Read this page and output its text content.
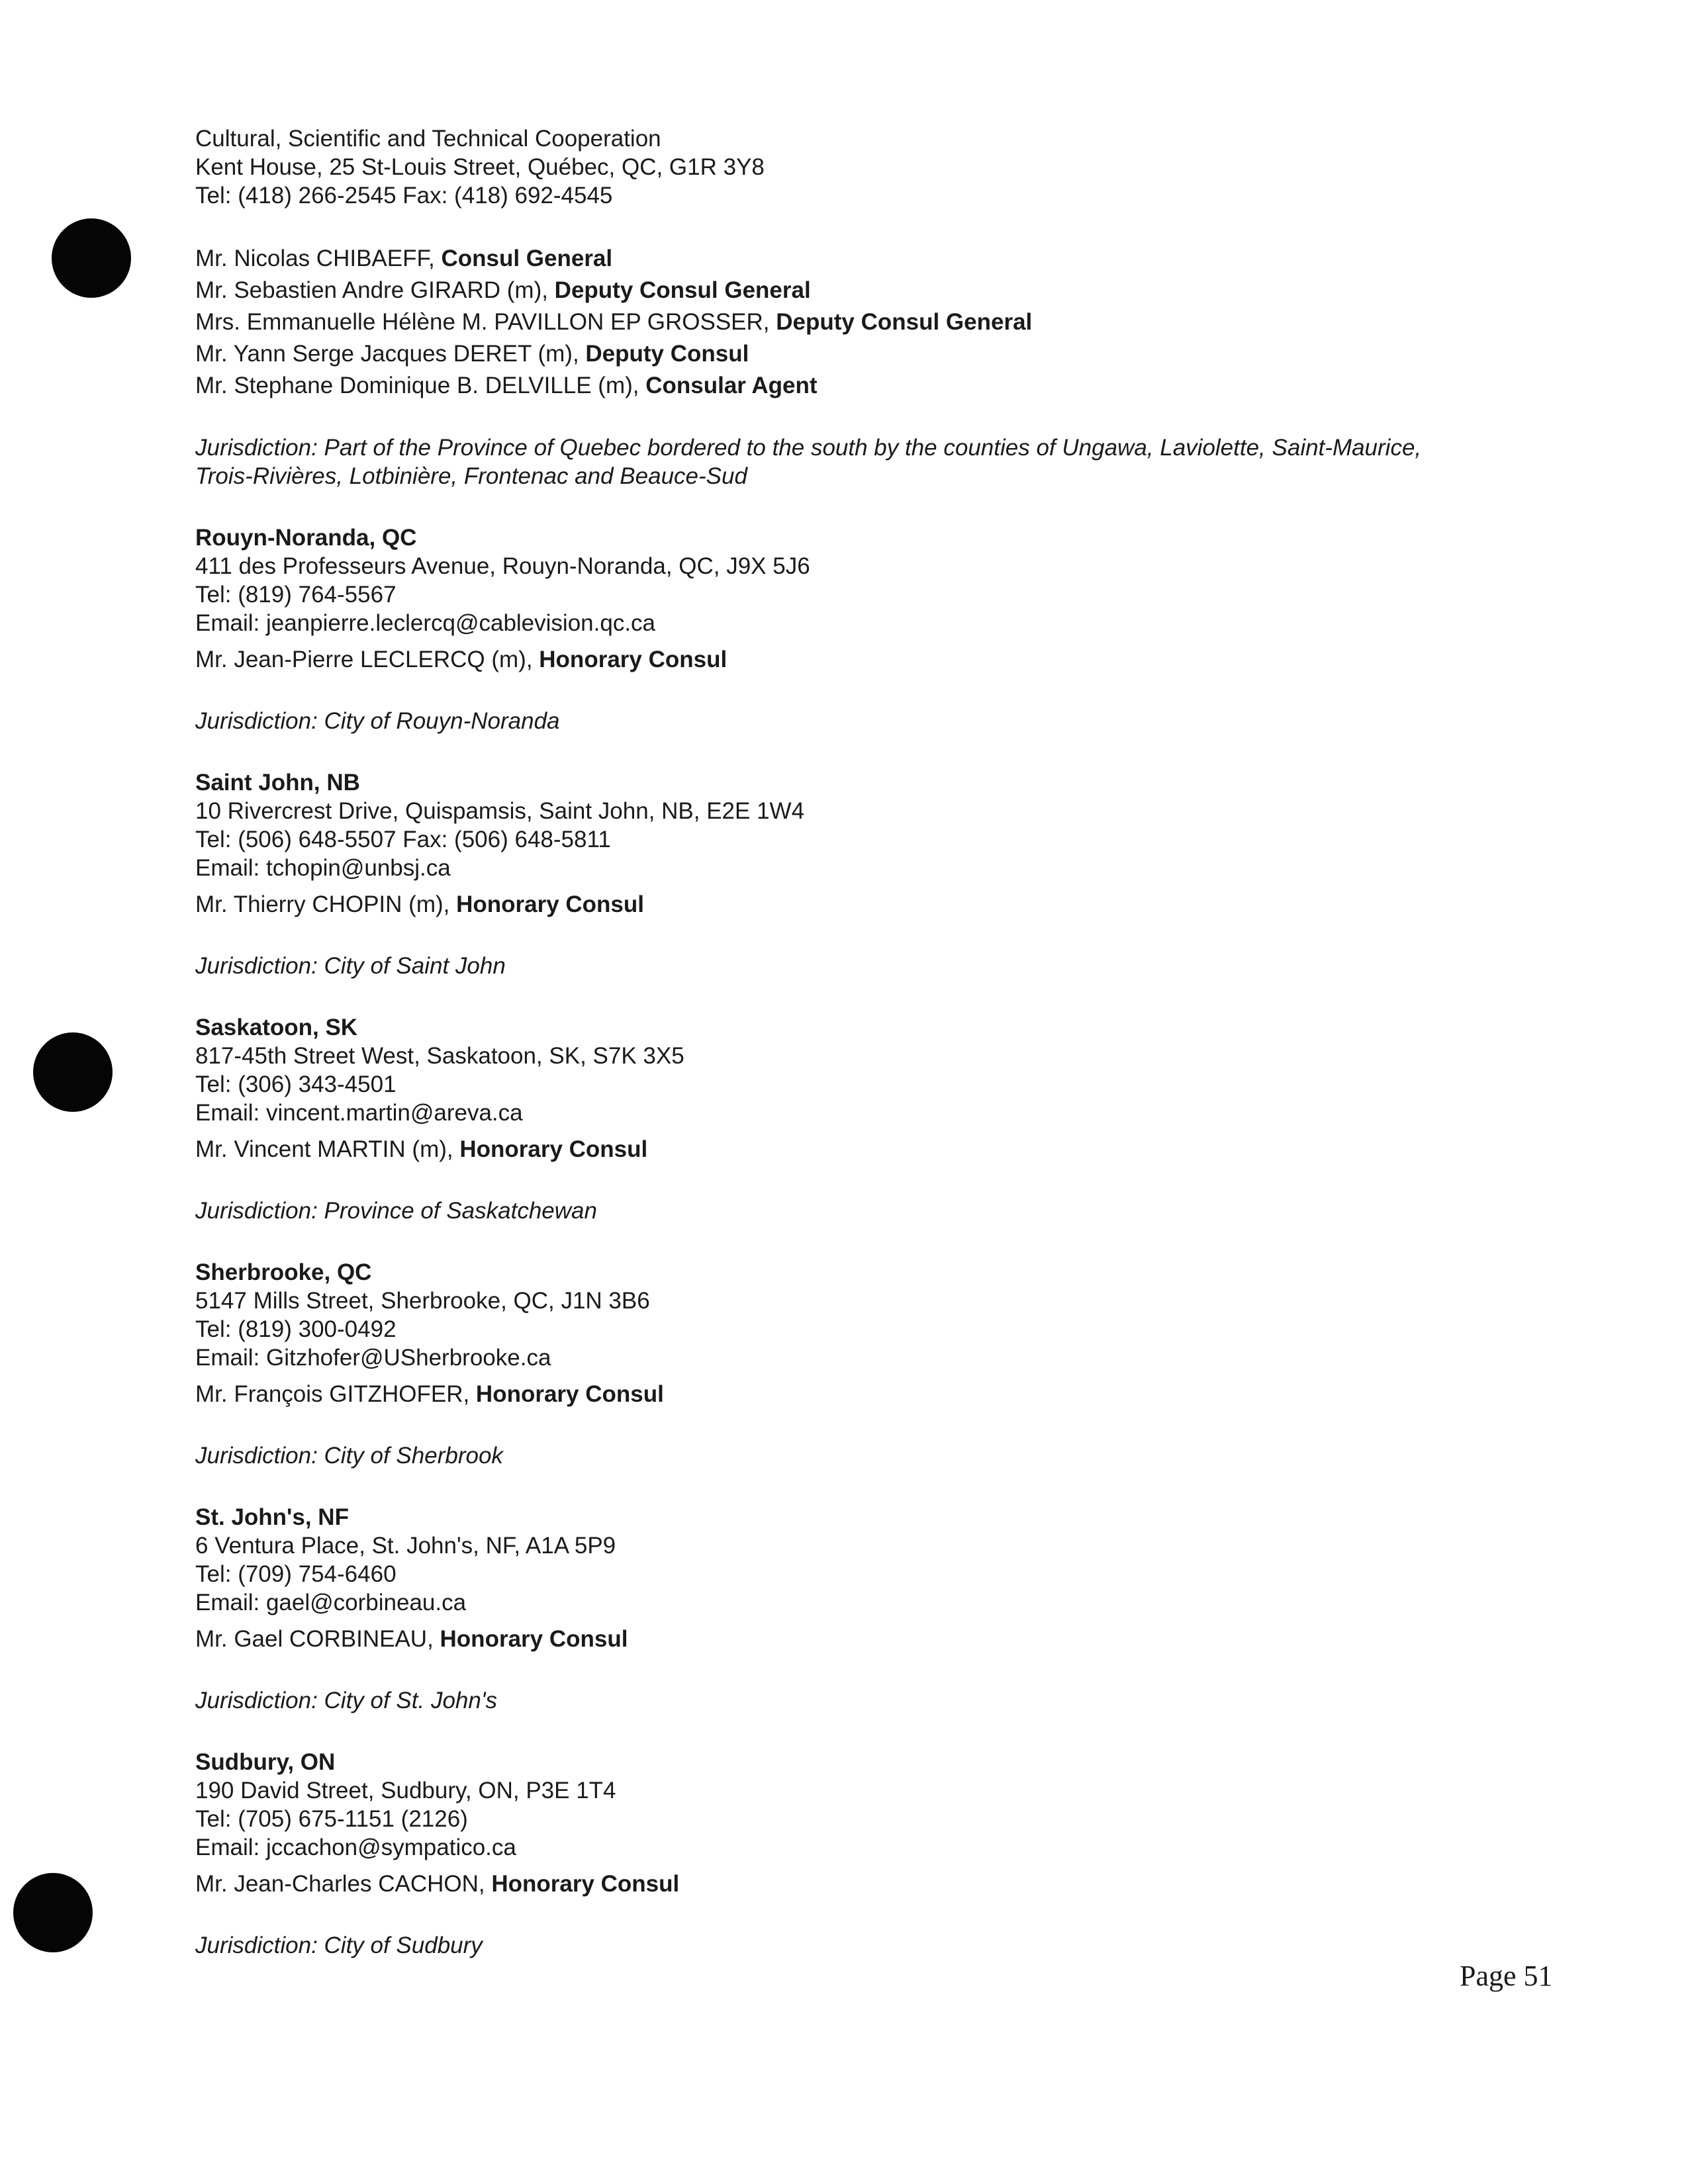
Cultural, Scientific and Technical Cooperation
Kent House, 25 St-Louis Street, Québec, QC, G1R 3Y8
Tel: (418) 266-2545 Fax: (418) 692-4545
Mr. Nicolas CHIBAEFF, Consul General
Mr. Sebastien Andre GIRARD (m), Deputy Consul General
Mrs. Emmanuelle Hélène M. PAVILLON EP GROSSER, Deputy Consul General
Mr. Yann Serge Jacques DERET (m), Deputy Consul
Mr. Stephane Dominique B. DELVILLE (m), Consular Agent
Jurisdiction: Part of the Province of Quebec bordered to the south by the counties of Ungawa, Laviolette, Saint-Maurice,
Trois-Rivières, Lotbinière, Frontenac and Beauce-Sud
Rouyn-Noranda, QC
411 des Professeurs Avenue, Rouyn-Noranda, QC, J9X 5J6
Tel: (819) 764-5567
Email: jeanpierre.leclercq@cablevision.qc.ca
Mr. Jean-Pierre LECLERCQ (m), Honorary Consul
Jurisdiction: City of Rouyn-Noranda
Saint John, NB
10 Rivercrest Drive, Quispamsis, Saint John, NB, E2E 1W4
Tel: (506) 648-5507 Fax: (506) 648-5811
Email: tchopin@unbsj.ca
Mr. Thierry CHOPIN (m), Honorary Consul
Jurisdiction: City of Saint John
Saskatoon, SK
817-45th Street West, Saskatoon, SK, S7K 3X5
Tel: (306) 343-4501
Email: vincent.martin@areva.ca
Mr. Vincent MARTIN (m), Honorary Consul
Jurisdiction: Province of Saskatchewan
Sherbrooke, QC
5147 Mills Street, Sherbrooke, QC, J1N 3B6
Tel: (819) 300-0492
Email: Gitzhofer@USherbrooke.ca
Mr. François GITZHOFER, Honorary Consul
Jurisdiction: City of Sherbrook
St. John's, NF
6 Ventura Place, St. John's, NF, A1A 5P9
Tel: (709) 754-6460
Email: gael@corbineau.ca
Mr. Gael CORBINEAU, Honorary Consul
Jurisdiction: City of St. John's
Sudbury, ON
190 David Street, Sudbury, ON, P3E 1T4
Tel: (705) 675-1151 (2126)
Email: jccachon@sympatico.ca
Mr. Jean-Charles CACHON, Honorary Consul
Jurisdiction: City of Sudbury
Page 51
